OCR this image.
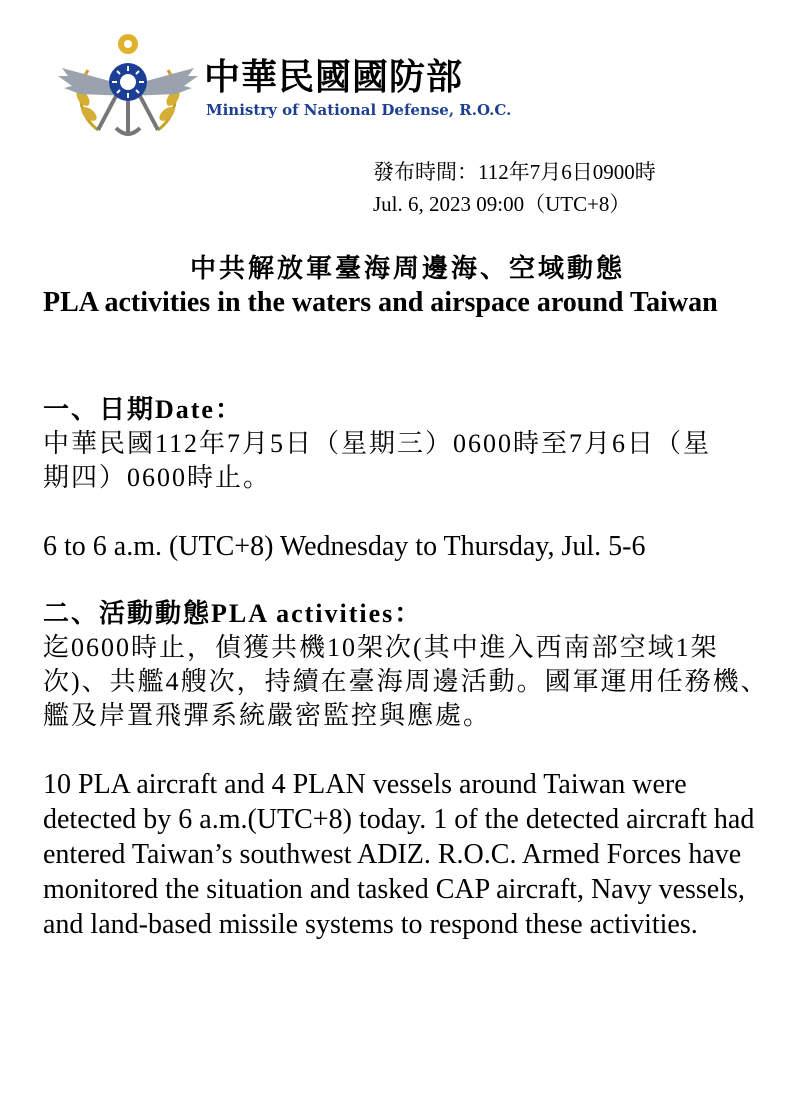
中華民國國防部
Ministry of National Defense, R.O.C.

發布時間：112年7月6日0900時

Jul. 6, 2023 09:00（UTC+8）

中共解放軍臺海周邊海、空域動態
PLA activities in the waters and airspace around Taiwan

一、日期Date：

中華民國112年7月5日（星期三）0600時至7月6日（星期四）0600時止。

6 to 6 a.m. (UTC+8) Wednesday to Thursday, Jul. 5-6

二、活動動態PLA activities：

迄0600時止，偵獲共機10架次(其中進入西南部空域1架次)、共艦4艘次，持續在臺海周邊活動。國軍運用任務機、艦及岸置飛彈系統嚴密監控與應處。

10 PLA aircraft and 4 PLAN vessels around Taiwan were detected by 6 a.m.(UTC+8) today. 1 of the detected aircraft had entered Taiwan’s southwest ADIZ. R.O.C. Armed Forces have monitored the situation and tasked CAP aircraft, Navy vessels, and land-based missile systems to respond these activities.
